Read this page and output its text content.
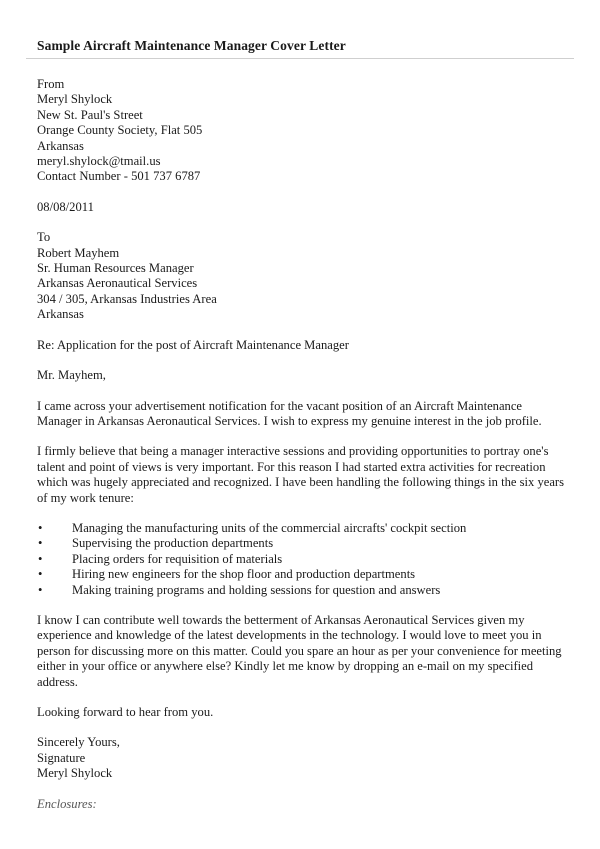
Sample Aircraft Maintenance Manager Cover Letter

From

Meryl Shylock

New St. Paul's Street

Orange County Society, Flat 505

Arkansas

meryl.shylock@tmail.us

Contact Number - 501 737 6787

08/08/2011

To

Robert Mayhem

Sr. Human Resources Manager

Arkansas Aeronautical Services

304 / 305, Arkansas Industries Area

Arkansas

Re: Application for the post of Aircraft Maintenance Manager

Mr. Mayhem,

I came across your advertisement notification for the vacant position of an Aircraft Maintenance Manager in Arkansas Aeronautical Services. I wish to express my genuine interest in the job profile.

I firmly believe that being a manager interactive sessions and providing opportunities to portray one's talent and point of views is very important. For this reason I had started extra activities for recreation which was hugely appreciated and recognized. I have been handling the following things in the six years of my work tenure:

• Managing the manufacturing units of the commercial aircrafts' cockpit section
• Supervising the production departments
• Placing orders for requisition of materials
• Hiring new engineers for the shop floor and production departments
• Making training programs and holding sessions for question and answers

I know I can contribute well towards the betterment of Arkansas Aeronautical Services given my experience and knowledge of the latest developments in the technology. I would love to meet you in person for discussing more on this matter. Could you spare an hour as per your convenience for meeting either in your office or anywhere else? Kindly let me know by dropping an e-mail on my specified address.

Looking forward to hear from you.

Sincerely Yours,

Signature

Meryl Shylock

Enclosures:
